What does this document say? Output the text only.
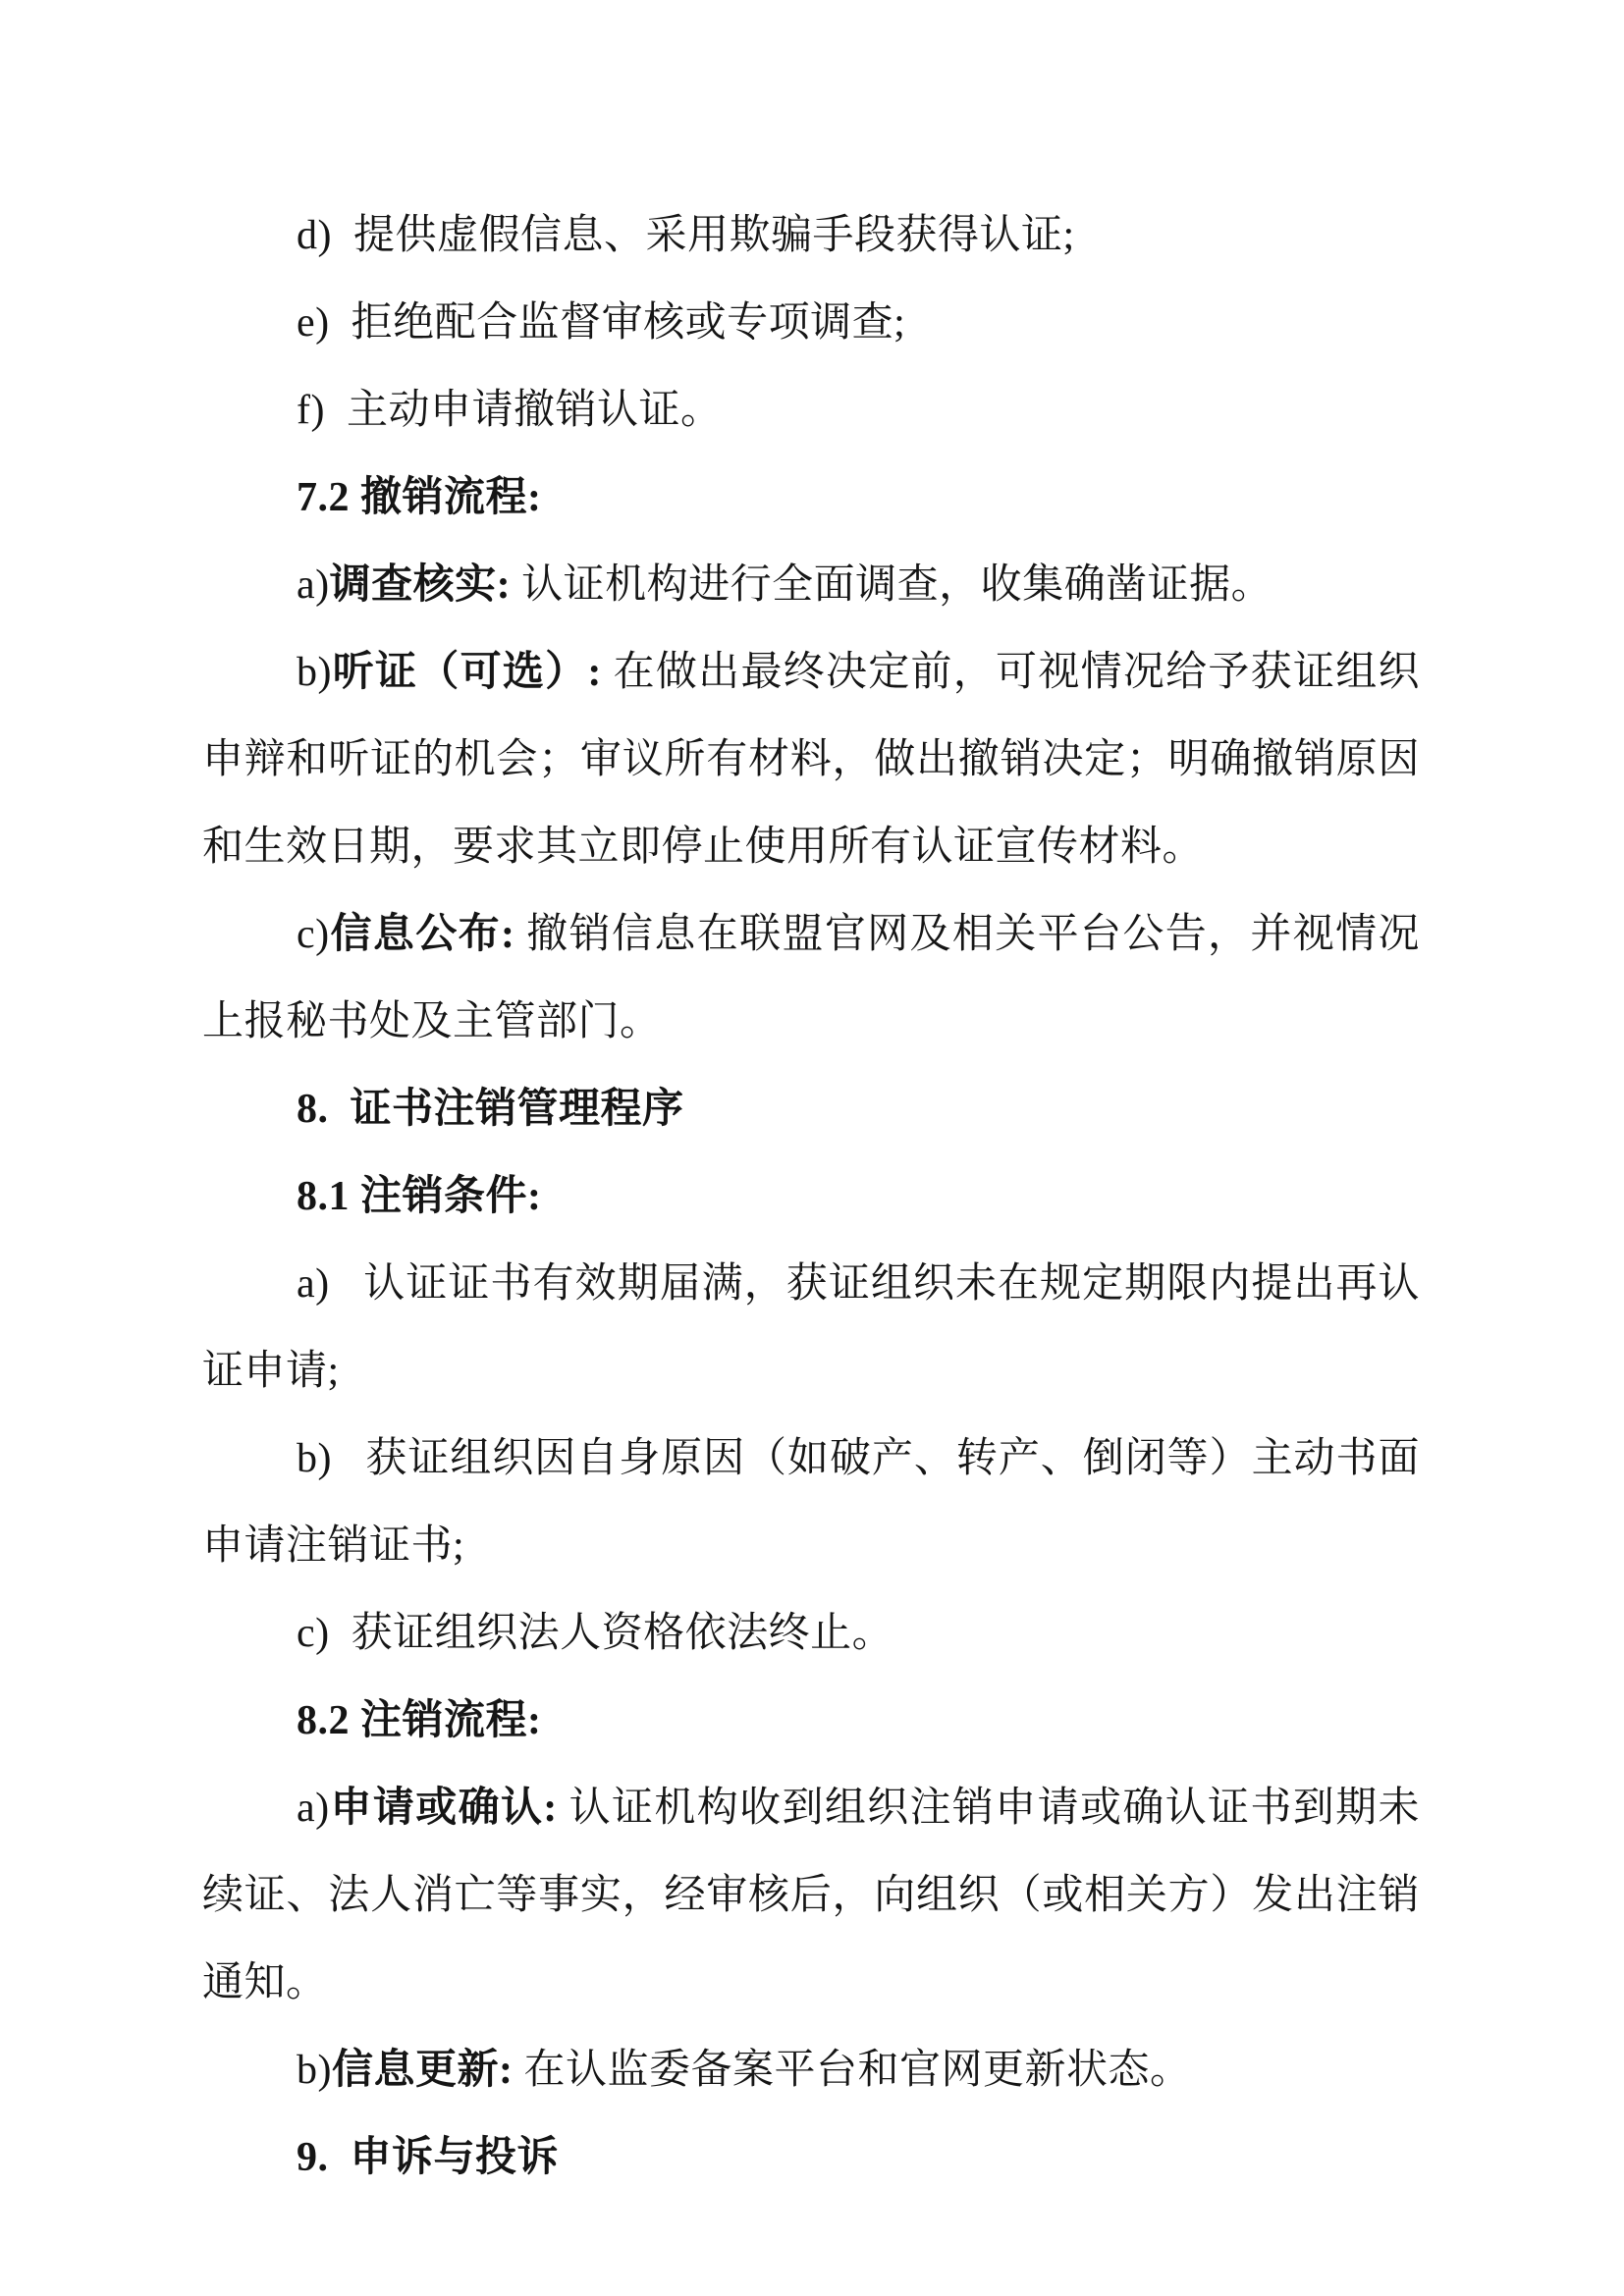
d)  提供虚假信息、采用欺骗手段获得认证;

e)  拒绝配合监督审核或专项调查;

f)  主动申请撤销认证。

7.2 撤销流程:

a)调查核实: 认证机构进行全面调查，收集确凿证据。

b)听证（可选）: 在做出最终决定前，可视情况给予获证组织申辩和听证的机会；审议所有材料，做出撤销决定；明确撤销原因和生效日期，要求其立即停止使用所有认证宣传材料。

c)信息公布: 撤销信息在联盟官网及相关平台公告，并视情况上报秘书处及主管部门。

8.  证书注销管理程序

8.1 注销条件:

a)   认证证书有效期届满，获证组织未在规定期限内提出再认证申请;

b)   获证组织因自身原因（如破产、转产、倒闭等）主动书面申请注销证书;

c)  获证组织法人资格依法终止。

8.2 注销流程:

a)申请或确认: 认证机构收到组织注销申请或确认证书到期未续证、法人消亡等事实，经审核后，向组织（或相关方）发出注销通知。

b)信息更新: 在认监委备案平台和官网更新状态。

9.  申诉与投诉
